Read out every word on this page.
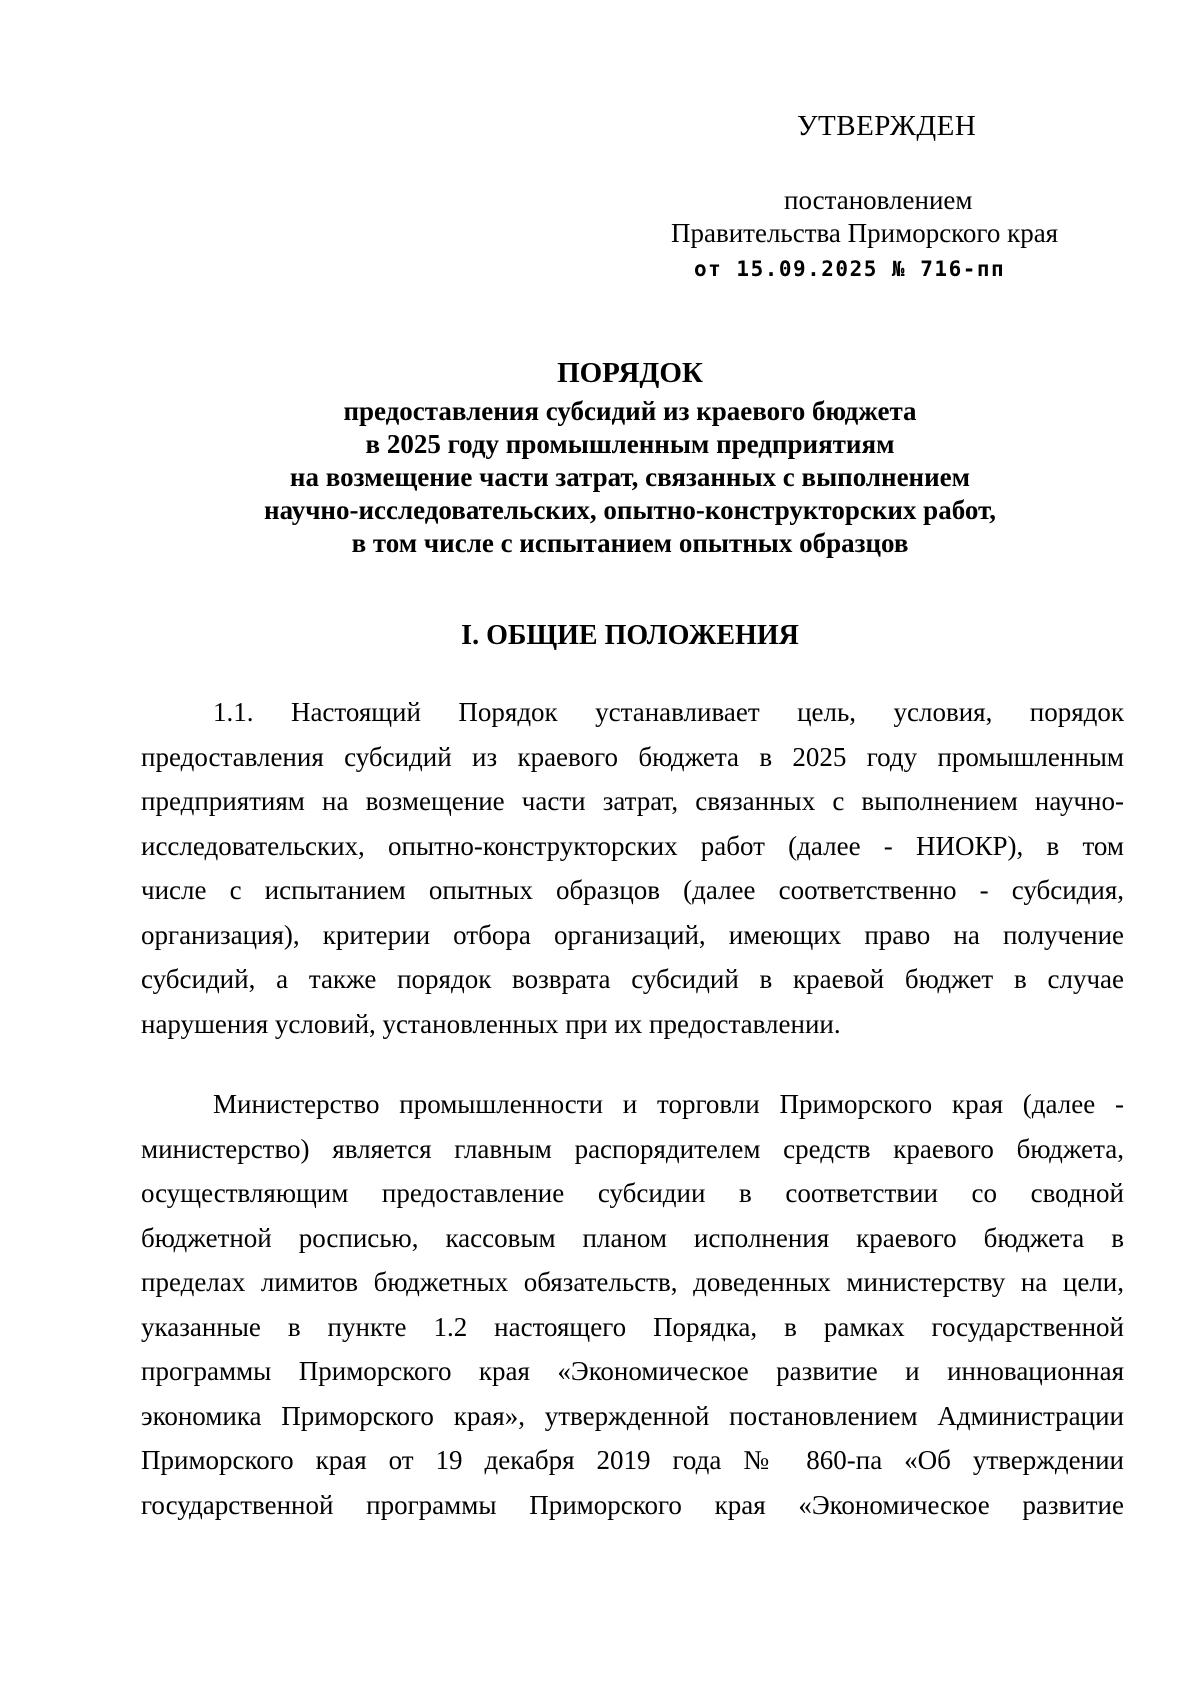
УТВЕРЖДЕН

постановлением

Правительства Приморского края

от 15.09.2025 № 716-пп

ПОРЯДОК

предоставления субсидий из краевого бюджета

в 2025 году промышленным предприятиям

на возмещение части затрат, связанных с выполнением

научно-исследовательских, опытно-конструкторских работ,

в том числе с испытанием опытных образцов

I. ОБЩИЕ ПОЛОЖЕНИЯ

1.1. Настоящий Порядок устанавливает цель, условия, порядок
предоставления субсидий из краевого бюджета в 2025 году промышленным
предприятиям на возмещение части затрат, связанных с выполнением научно-
исследовательских, опытно-конструкторских работ (далее - НИОКР), в том
числе с испытанием опытных образцов (далее соответственно - субсидия,
организация), критерии отбора организаций, имеющих право на получение
субсидий, а также порядок возврата субсидий в краевой бюджет в случае
нарушения условий, установленных при их предоставлении.
Министерство промышленности и торговли Приморского края (далее -
министерство) является главным распорядителем средств краевого бюджета,
осуществляющим предоставление субсидии в соответствии со сводной
бюджетной росписью, кассовым планом исполнения краевого бюджета в
пределах лимитов бюджетных обязательств, доведенных министерству на цели,
указанные в пункте 1.2 настоящего Порядка, в рамках государственной
программы Приморского края «Экономическое развитие и инновационная
экономика Приморского края», утвержденной постановлением Администрации
Приморского края от 19 декабря 2019 года № 860-па «Об утверждении
государственной программы Приморского края «Экономическое развитие
